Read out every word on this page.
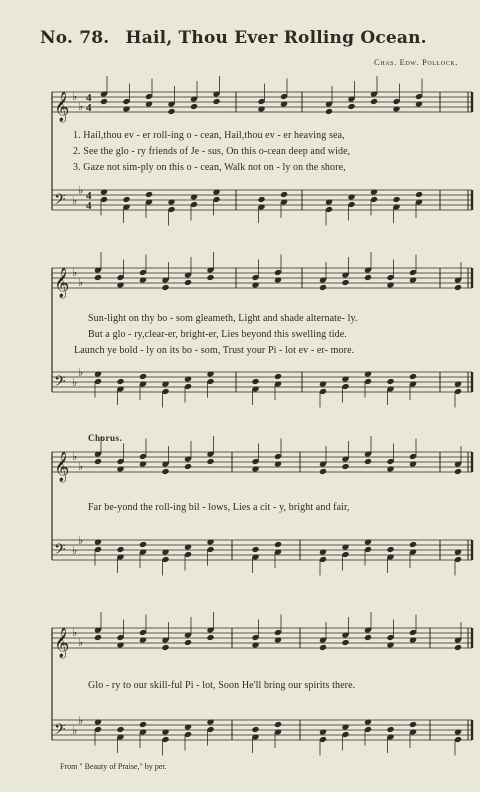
No. 78. Hail, Thou Ever Rolling Ocean.
Chas. Edw. Pollock.
𝄞 ♭
♭
4
4
𝄢 ♭
♭ 4
4
𝄞 ♭
♭
𝄢 ♭
♭
𝄞 ♭
♭
𝄢 ♭
♭
𝄞 ♭
♭
𝄢 ♭
♭
1. Hail,thou ev - er roll-ing o - cean, Hail,thou ev - er heaving sea,
2. See the glo - ry friends of Je - sus, On this o-cean deep and wide,
3. Gaze not sim-ply on this o - cean, Walk not on - ly on the shore,
Sun-light on thy bo - som gleameth, Light and shade alternate- ly.
But a glo - ry,clear-er, bright-er, Lies beyond this swelling tide.
Launch ye bold - ly on its bo - som, Trust your Pi - lot ev - er- more.
Chorus.
Far be-yond the roll-ing bil - lows, Lies a cit - y, bright and fair,
Glo - ry to our skill-ful Pi - lot, Soon He'll bring our spirits there.
From " Beauty of Praise," by per.
